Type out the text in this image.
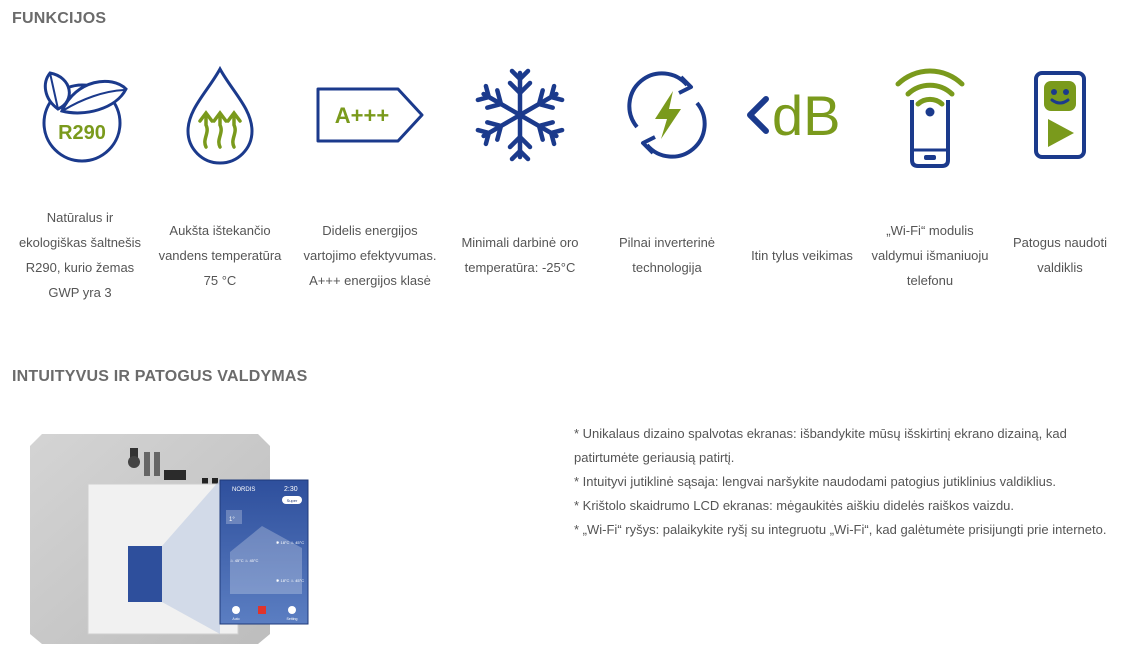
FUNKCIJOS
R290
Natūralus ir ekologiškas šaltnešis R290, kurio žemas GWP yra 3
Aukšta ištekančio vandens temperatūra 75 °C
A+++
Didelis energijos vartojimo efektyvumas. A+++ energijos klasė
Minimali darbinė oro temperatūra: -25°C
Pilnai inverterinė technologija
dB
Itin tylus veikimas
„Wi-Fi“ modulis valdymui išmaniuoju telefonu
Patogus naudoti valdiklis
INTUITYVUS IR PATOGUS VALDYMAS
NORDIS	2:30
Super
1°
✱ 18°C ♨ 45°C
♨ 45°C ♨ 45°C
✱ 18°C ♨ 45°C
Auto	Setting

* Unikalaus dizaino spalvotas ekranas: išbandykite mūsų išskirtinį ekrano dizainą, kad patirtumėte geriausią patirtį.

* Intuityvi jutiklinė sąsaja: lengvai naršykite naudodami patogius jutiklinius valdiklius.

* Krištolo skaidrumo LCD ekranas: mėgaukitės aiškiu didelės raiškos vaizdu.

* „Wi-Fi“ ryšys: palaikykite ryšį su integruotu „Wi-Fi“, kad galėtumėte prisijungti prie interneto.
